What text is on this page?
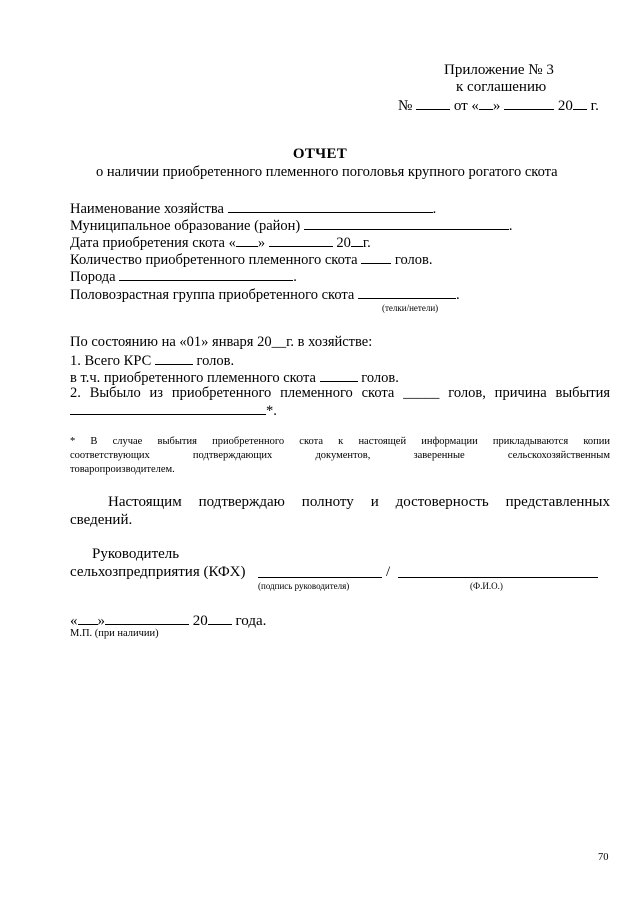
Приложение № 3
к соглашению
№	от « »	20 г.
ОТЧЕТ
о наличии приобретенного племенного поголовья крупного рогатого скота
Наименование хозяйства	.
Муниципальное образование (район)	.
Дата приобретения скота « »	20 г.
Количество приобретенного племенного скота	голов.
Порода	.
Половозрастная группа приобретенного скота	.
(телки/нетели)
По состоянию на «01» января 20__г. в хозяйстве:
1. Всего КРС	голов.
в т.ч. приобретенного племенного скота	голов.
2. Выбыло из приобретенного племенного скота _____ голов, причина выбытия
*.
* В случае выбытия приобретенного скота к настоящей информации прикладываются копии
соответствующих подтверждающих документов, заверенные сельскохозяйственным
товаропроизводителем.
Настоящим подтверждаю полноту и достоверность представленных
сведений.
Руководитель
сельхозпредприятия (КФХ)	/
(подпись руководителя)	(Ф.И.О.)
« »	20 года.
М.П. (при наличии)
70
